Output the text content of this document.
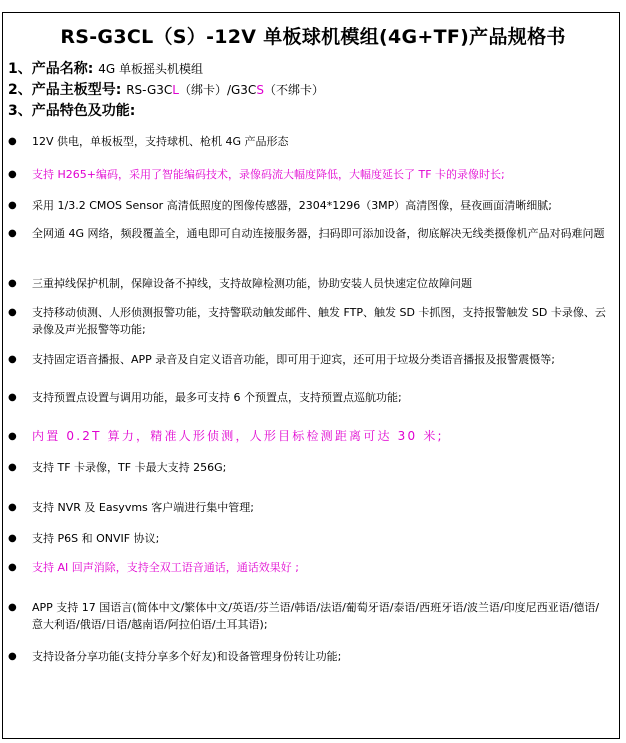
RS-G3CL（S）-12V 单板球机模组(4G+TF)产品规格书
1、产品名称: 4G 单板摇头机模组
2、产品主板型号: RS-G3CL（绑卡）/G3CS（不绑卡）
3、产品特色及功能:
● 12V 供电，单板板型，支持球机、枪机 4G 产品形态
● 支持 H265+编码，采用了智能编码技术，录像码流大幅度降低，大幅度延长了 TF 卡的录像时长;
● 采用 1/3.2 CMOS Sensor 高清低照度的图像传感器，2304*1296（3MP）高清图像，昼夜画面清晰细腻;
● 全网通 4G 网络，频段覆盖全，通电即可自动连接服务器，扫码即可添加设备，彻底解决无线类摄像机产品对码难问题
● 三重掉线保护机制，保障设备不掉线，支持故障检测功能，协助安装人员快速定位故障问题
● 支持移动侦测、人形侦测报警功能，支持警联动触发邮件、触发 FTP、触发 SD 卡抓图，支持报警触发 SD 卡录像、云录像及声光报警等功能;
● 支持固定语音播报、APP 录音及自定义语音功能，即可用于迎宾，还可用于垃圾分类语音播报及报警震慑等;
● 支持预置点设置与调用功能，最多可支持 6 个预置点，支持预置点巡航功能;
● 内置 0.2T 算力，精准人形侦测，人形目标检测距离可达 30 米;
● 支持 TF 卡录像，TF 卡最大支持 256G;
● 支持 NVR 及 Easyvms 客户端进行集中管理;
● 支持 P6S 和 ONVIF 协议;
● 支持 AI 回声消除，支持全双工语音通话，通话效果好 ;
● APP 支持 17 国语言(简体中文/繁体中文/英语/芬兰语/韩语/法语/葡萄牙语/泰语/西班牙语/波兰语/印度尼西亚语/德语/意大利语/俄语/日语/越南语/阿拉伯语/土耳其语);
● 支持设备分享功能(支持分享多个好友)和设备管理身份转让功能;
